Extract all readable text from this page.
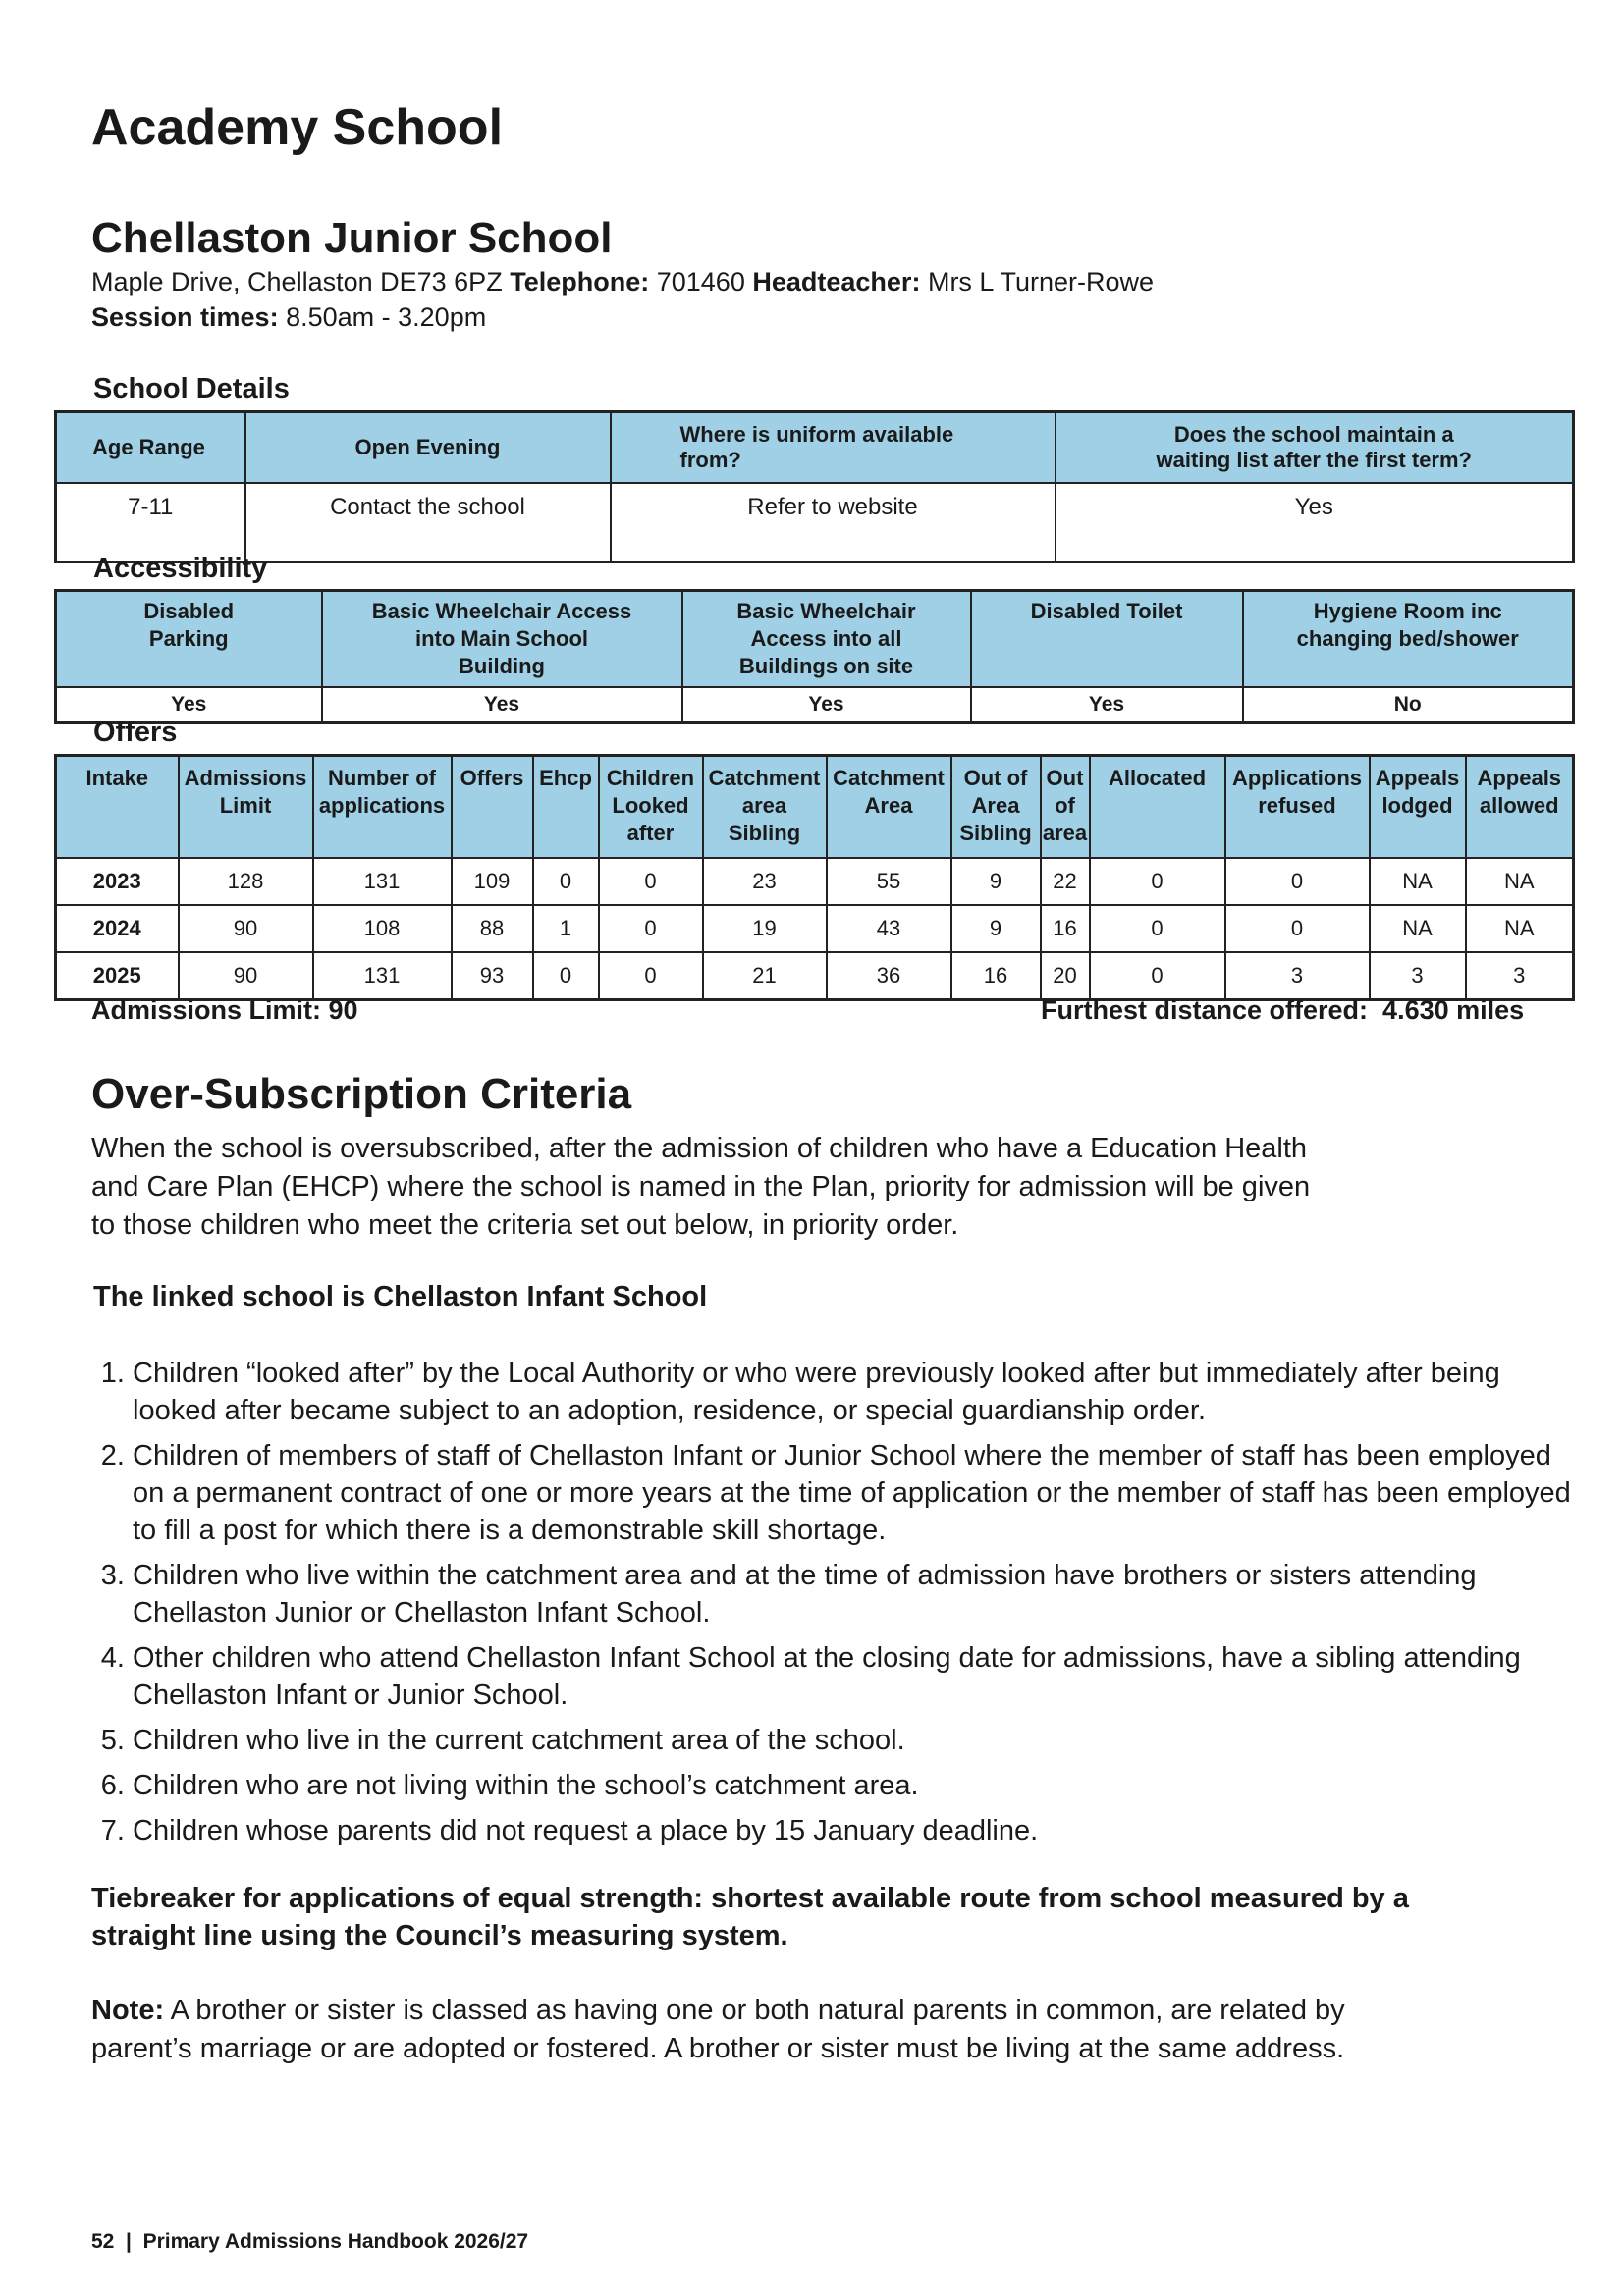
Academy School
Chellaston Junior School
Maple Drive, Chellaston DE73 6PZ Telephone: 701460 Headteacher: Mrs L Turner-Rowe
Session times: 8.50am - 3.20pm
School Details
Age Range	Open Evening	Where is uniform available from?	Does the school maintain a waiting list after the first term?
7-11	Contact the school	Refer to website	Yes
Accessibility
Disabled Parking	Basic Wheelchair Access into Main School Building	Basic Wheelchair Access into all Buildings on site	Disabled Toilet	Hygiene Room inc changing bed/shower
Yes	Yes	Yes	Yes	No
Offers
Intake	Admissions Limit	Number of applications	Offers	Ehcp	Children Looked after	Catchment area Sibling	Catchment Area	Out of Area Sibling	Out of area	Allocated	Applications refused	Appeals lodged	Appeals allowed
2023	128	131	109	0	0	23	55	9	22	0	0	NA	NA
2024	90	108	88	1	0	19	43	9	16	0	0	NA	NA
2025	90	131	93	0	0	21	36	16	20	0	3	3	3
Admissions Limit: 90	Furthest distance offered:  4.630 miles
Over-Subscription Criteria
When the school is oversubscribed, after the admission of children who have a Education Health
and Care Plan (EHCP) where the school is named in the Plan, priority for admission will be given
to those children who meet the criteria set out below, in priority order.
The linked school is Chellaston Infant School
1. Children “looked after” by the Local Authority or who were previously looked after but immediately after being looked after became subject to an adoption, residence, or special guardianship order.
2. Children of members of staff of Chellaston Infant or Junior School where the member of staff has been employed on a permanent contract of one or more years at the time of application or the member of staff has been employed to fill a post for which there is a demonstrable skill shortage.
3. Children who live within the catchment area and at the time of admission have brothers or sisters attending Chellaston Junior or Chellaston Infant School.
4. Other children who attend Chellaston Infant School at the closing date for admissions, have a sibling attending Chellaston Infant or Junior School.
5. Children who live in the current catchment area of the school.
6. Children who are not living within the school’s catchment area.
7. Children whose parents did not request a place by 15 January deadline.
Tiebreaker for applications of equal strength: shortest available route from school measured by a
straight line using the Council’s measuring system.
Note: A brother or sister is classed as having one or both natural parents in common, are related by
parent’s marriage or are adopted or fostered. A brother or sister must be living at the same address.
52  |  Primary Admissions Handbook 2026/27
